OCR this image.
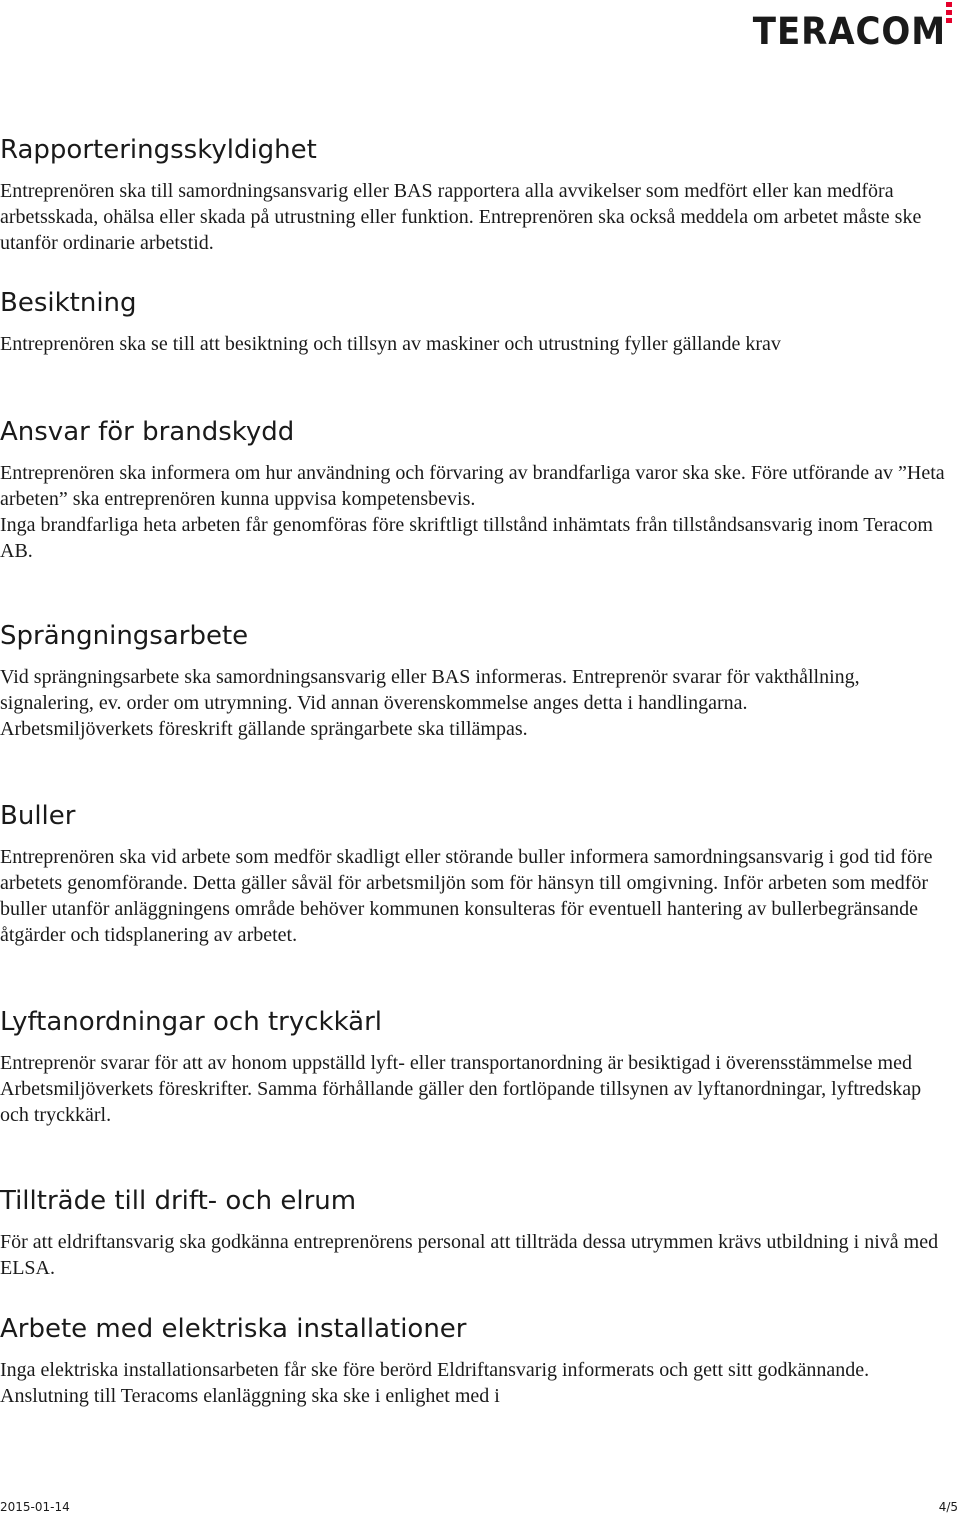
TERACOM
Rapporteringsskyldighet

Entreprenören ska till samordningsansvarig eller BAS rapportera alla avvikelser som medfört eller kan medföra arbetsskada, ohälsa eller skada på utrustning eller funktion. Entreprenören ska också meddela om arbetet måste ske utanför ordinarie arbetstid.

Besiktning

Entreprenören ska se till att besiktning och tillsyn av maskiner och utrustning fyller gällande krav

Ansvar för brandskydd

Entreprenören ska informera om hur användning och förvaring av brandfarliga varor ska ske. Före utförande av ”Heta arbeten” ska entreprenören kunna uppvisa kompetensbevis.

Inga brandfarliga heta arbeten får genomföras före skriftligt tillstånd inhämtats från tillståndsansvarig inom Teracom AB.

Sprängningsarbete

Vid sprängningsarbete ska samordningsansvarig eller BAS informeras. Entreprenör svarar för vakthållning, signalering, ev. order om utrymning. Vid annan överenskommelse anges detta i handlingarna.

Arbetsmiljöverkets föreskrift gällande sprängarbete ska tillämpas.

Buller

Entreprenören ska vid arbete som medför skadligt eller störande buller informera samordningsansvarig i god tid före arbetets genomförande. Detta gäller såväl för arbetsmiljön som för hänsyn till omgivning. Inför arbeten som medför buller utanför anläggningens område behöver kommunen konsulteras för eventuell hantering av bullerbegränsande åtgärder och tidsplanering av arbetet.

Lyftanordningar och tryckkärl

Entreprenör svarar för att av honom uppställd lyft- eller transportanordning är besiktigad i överensstämmelse med Arbetsmiljöverkets föreskrifter. Samma förhållande gäller den fortlöpande tillsynen av lyftanordningar, lyftredskap och tryckkärl.

Tillträde till drift- och elrum

För att eldriftansvarig ska godkänna entreprenörens personal att tillträda dessa utrymmen krävs utbildning i nivå med ELSA.

Arbete med elektriska installationer

Inga elektriska installationsarbeten får ske före berörd Eldriftansvarig informerats och gett sitt godkännande. Anslutning till Teracoms elanläggning ska ske i enlighet med i

2015-01-14	4/5
